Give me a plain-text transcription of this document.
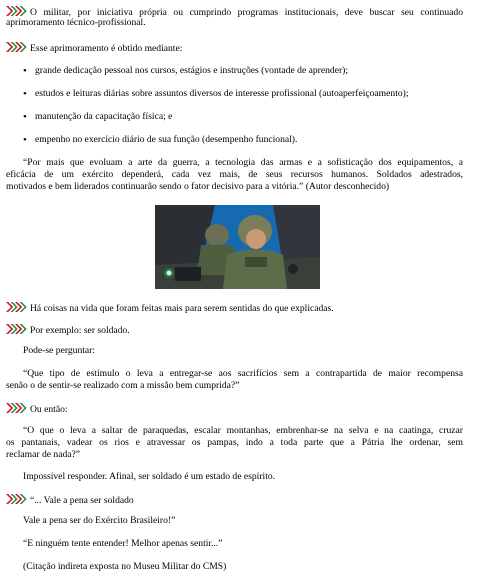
O militar, por iniciativa própria ou cumprindo programas institucionais, deve buscar seu continuado
aprimoramento técnico-profissional.
Esse aprimoramento é obtido mediante:
• grande dedicação pessoal nos cursos, estágios e instruções (vontade de aprender);
• estudos e leituras diárias sobre assuntos diversos de interesse profissional (autoaperfeiçoamento);
• manutenção da capacitação física; e
• empenho no exercício diário de sua função (desempenho funcional).
“Por mais que evoluam a arte da guerra, a tecnologia das armas e a sofisticação dos equipamentos, a
eficácia de um exército dependerá, cada vez mais, de seus recursos humanos. Soldados adestrados,
motivados e bem liderados continuarão sendo o fator decisivo para a vitória.” (Autor desconhecido)
Há coisas na vida que foram feitas mais para serem sentidas do que explicadas.
Por exemplo: ser soldado.
Pode-se perguntar:
“Que tipo de estímulo o leva a entregar-se aos sacrifícios sem a contrapartida de maior recompensa
senão o de sentir-se realizado com a missão bem cumprida?”
Ou então:
“O que o leva a saltar de paraquedas, escalar montanhas, embrenhar-se na selva e na caatinga, cruzar
os pantanais, vadear os rios e atravessar os pampas, indo a toda parte que a Pátria lhe ordenar, sem
reclamar de nada?”
Impossível responder. Afinal, ser soldado é um estado de espírito.
“... Vale a pena ser soldado
Vale a pena ser do Exército Brasileiro!”
“E ninguém tente entender! Melhor apenas sentir...”
(Citação indireta exposta no Museu Militar do CMS)
